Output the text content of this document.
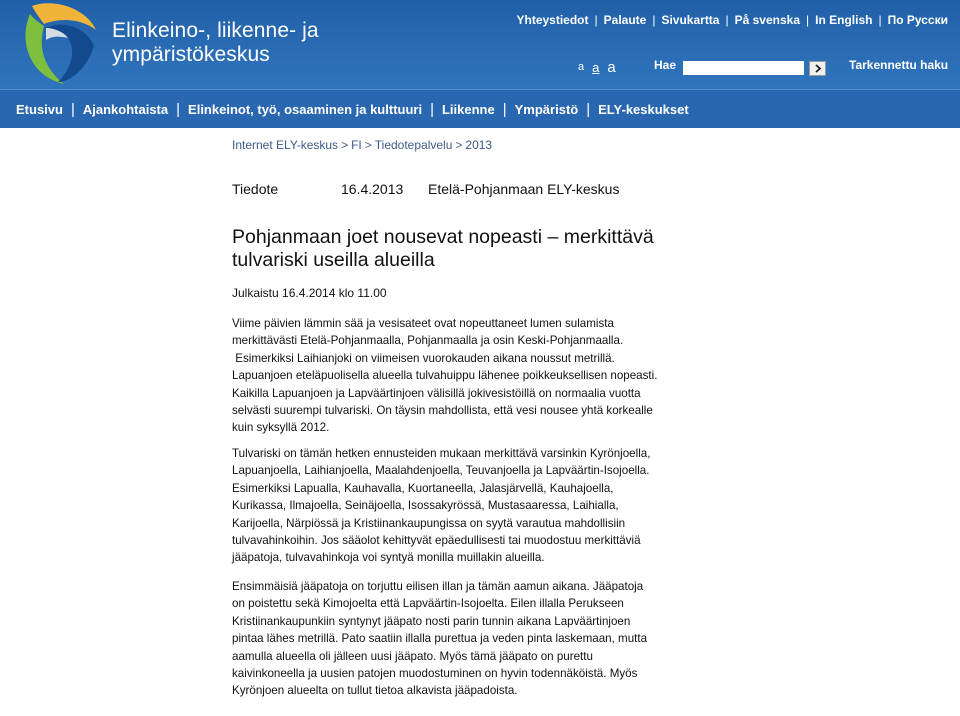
Elinkeino-, liikenne- ja
ympäristökeskus
Yhteystiedot | Palaute | Sivukartta | På svenska | In English | По Русски
a a a	Hae	Tarkennettu haku
Etusivu | Ajankohtaista | Elinkeinot, työ, osaaminen ja kulttuuri | Liikenne | Ympäristö | ELY-keskukset
Internet ELY-keskus > FI > Tiedotepalvelu > 2013
Tiedote	16.4.2013 Etelä-Pohjanmaan ELY-keskus
Pohjanmaan joet nousevat nopeasti – merkittävä
tulvariski useilla alueilla
Julkaistu 16.4.2014 klo 11.00
Viime päivien lämmin sää ja vesisateet ovat nopeuttaneet lumen sulamista
merkittävästi Etelä-Pohjanmaalla, Pohjanmaalla ja osin Keski-Pohjanmaalla.
Esimerkiksi Laihianjoki on viimeisen vuorokauden aikana noussut metrillä.
Lapuanjoen eteläpuolisella alueella tulvahuippu lähenee poikkeuksellisen nopeasti.
Kaikilla Lapuanjoen ja Lapväärtinjoen välisillä jokivesistöillä on normaalia vuotta
selvästi suurempi tulvariski. On täysin mahdollista, että vesi nousee yhtä korkealle
kuin syksyllä 2012.
Tulvariski on tämän hetken ennusteiden mukaan merkittävä varsinkin Kyrönjoella,
Lapuanjoella, Laihianjoella, Maalahdenjoella, Teuvanjoella ja Lapväärtin-Isojoella.
Esimerkiksi Lapualla, Kauhavalla, Kuortaneella, Jalasjärvellä, Kauhajoella,
Kurikassa, Ilmajoella, Seinäjoella, Isossakyrössä, Mustasaaressa, Laihialla,
Karijoella, Närpiössä ja Kristiinankaupungissa on syytä varautua mahdollisiin
tulvavahinkoihin. Jos sääolot kehittyvät epäedullisesti tai muodostuu merkittäviä
jääpatoja, tulvavahinkoja voi syntyä monilla muillakin alueilla.
Ensimmäisiä jääpatoja on torjuttu eilisen illan ja tämän aamun aikana. Jääpatoja
on poistettu sekä Kimojoelta että Lapväärtin-Isojoelta. Eilen illalla Perukseen
Kristiinankaupunkiin syntynyt jääpato nosti parin tunnin aikana Lapväärtinjoen
pintaa lähes metrillä. Pato saatiin illalla purettua ja veden pinta laskemaan, mutta
aamulla alueella oli jälleen uusi jääpato. Myös tämä jääpato on purettu
kaivinkoneella ja uusien patojen muodostuminen on hyvin todennäköistä. Myös
Kyrönjoen alueelta on tullut tietoa alkavista jääpadoista.
